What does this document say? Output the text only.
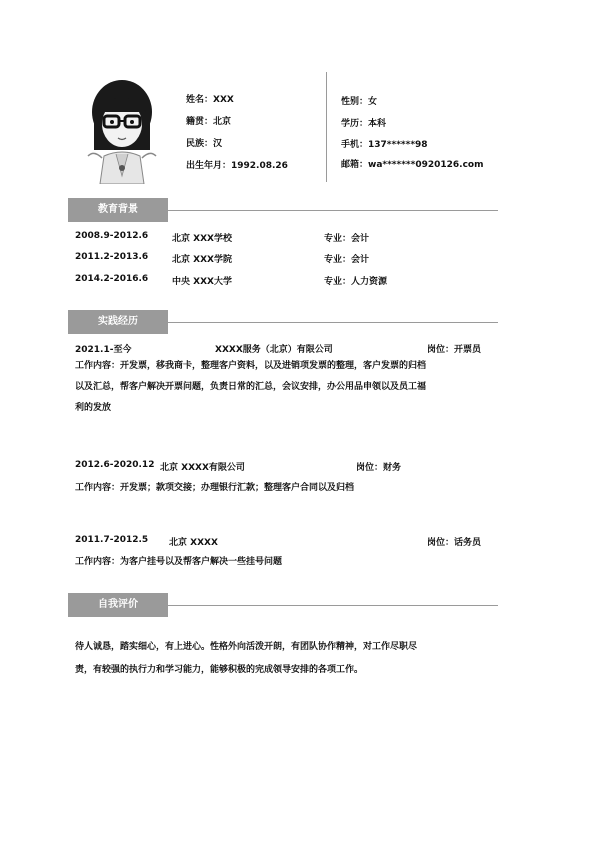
姓名：XXX
籍贯：北京
民族：汉
出生年月：1992.08.26
性别：女
学历：本科
手机：137******98
邮箱：wa*******0920126.com
教育背景
2008.9-2012.6	北京 XXX学校	专业：会计
2011.2-2013.6	北京 XXX学院	专业：会计
2014.2-2016.6	中央 XXX大学	专业：人力资源
实践经历
2021.1-至今	XXXX服务（北京）有限公司	岗位：开票员
工作内容：开发票，移我商卡，整理客户资料，以及进销项发票的整理，客户发票的归档
以及汇总，帮客户解决开票问题，负责日常的汇总，会议安排，办公用品申领以及员工福
利的发放
2012.6-2020.12 北京 XXXX有限公司	岗位：财务
工作内容：开发票；款项交接；办理银行汇款；整理客户合同以及归档
2011.7-2012.5 北京 XXXX	岗位：话务员
工作内容：为客户挂号以及帮客户解决一些挂号问题
自我评价
待人诚恳，踏实细心，有上进心。性格外向活泼开朗，有团队协作精神，对工作尽职尽
责，有较强的执行力和学习能力，能够积极的完成领导安排的各项工作。
